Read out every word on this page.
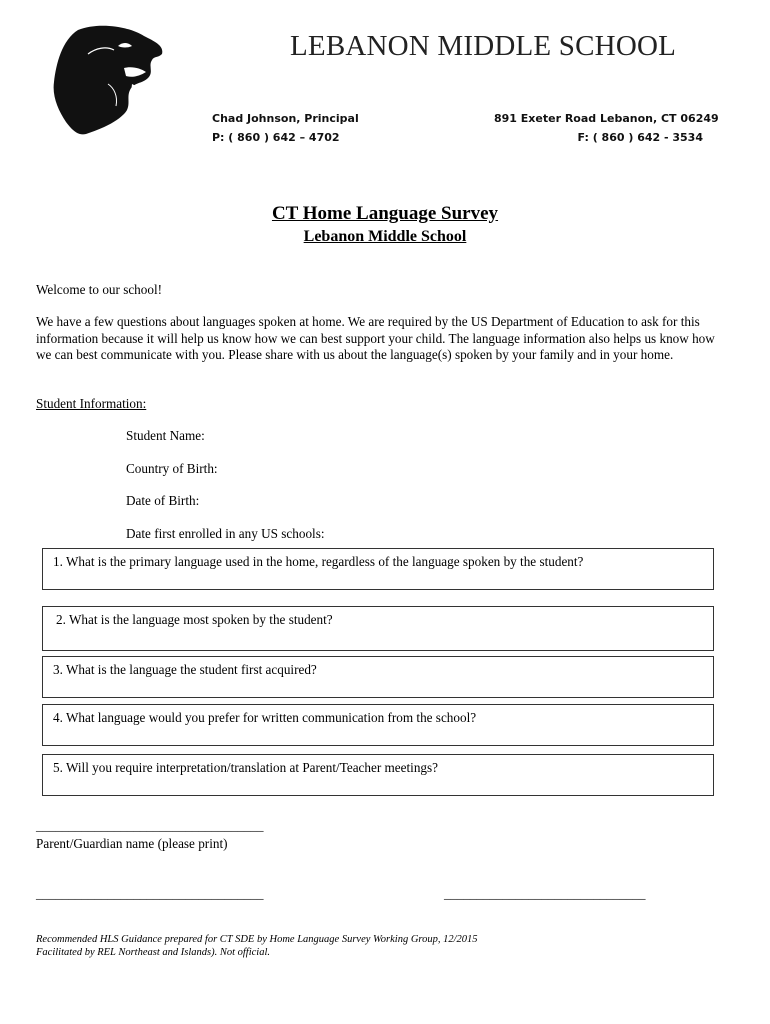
LEBANON MIDDLE SCHOOL
Chad Johnson, Principal
P: ( 860 ) 642 – 4702
891 Exeter Road Lebanon, CT 06249
F: ( 860 ) 642 - 3534
CT Home Language Survey
Lebanon Middle School
Welcome to our school!
We have a few questions about languages spoken at home. We are required by the US Department of Education to ask for this information because it will help us know how we can best support your child. The language information also helps us know how we can best communicate with you. Please share with us about the language(s) spoken by your family and in your home.
Student Information:
Student Name:
Country of Birth:
Date of Birth:
Date first enrolled in any US schools:
1. What is the primary language used in the home, regardless of the language spoken by the student?
2. What is the language most spoken by the student?
3. What is the language the student first acquired?
4. What language would you prefer for written communication from the school?
5. Will you require interpretation/translation at Parent/Teacher meetings?
___________________________________
Parent/Guardian name (please print)
___________________________________	_______________________________
Recommended HLS Guidance prepared for CT SDE by Home Language Survey Working Group, 12/2015
Facilitated by REL Northeast and Islands). Not official.
